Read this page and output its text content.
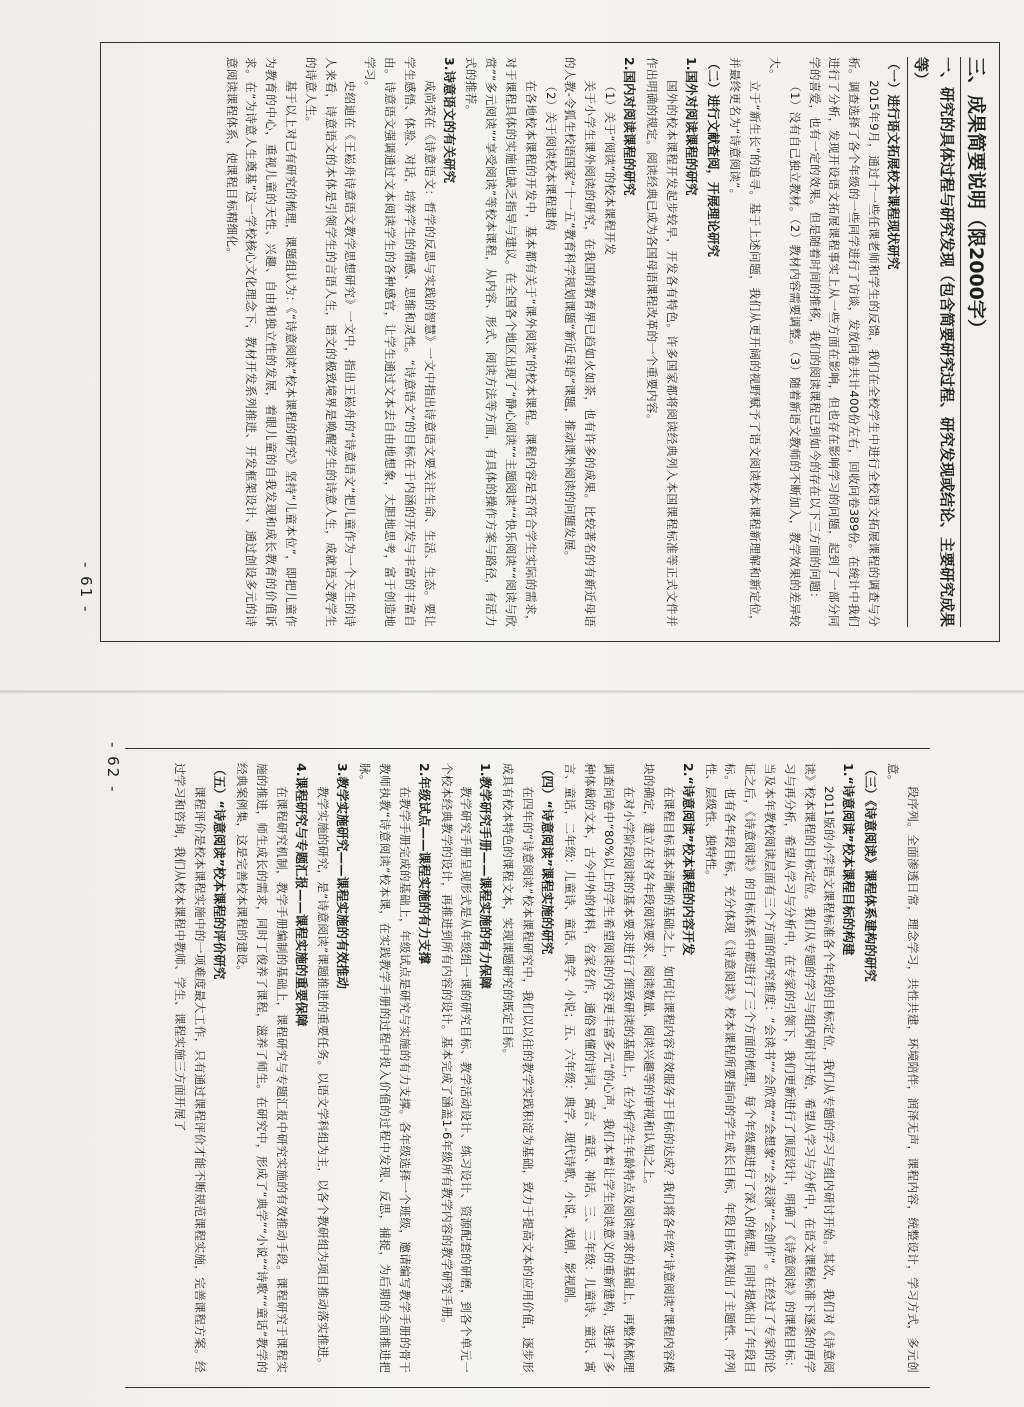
三、成果简要说明（限2000字）

一、研究的具体过程与研究发现（包含简要研究过程、研究发现或结论、主要研究成果等）

（一）进行语文拓展校本课程现状研究

2015年9月，通过十一些任课老师和学生的反馈，我们在全校学生中进行全校语文拓展课程的调查与分析。调查选择了各个年级的一些同学进行了访谈，发放问卷共计400份左右，回收问卷389份。在统计中我们进行了分析，发现开设语文拓展课程事实上从一些方面在影响，但也存在影响学习的问题，起到了一部分同学的喜爱，也有一定的效果。但是随着时间的推移，我们的阅读课程已到如今的存在以下三方面的问题：

（1）没有自己独立教材。（2）教材内容需要调整。（3）随着新语文教师的不断加入，教学效果的差异较大。

立于“新生长”的追寻。基于上述问题，我们从更开阔的视野赋予了语文阅读校本课程新理解和新定位，并最终更名为“诗意阅读”。

（二）进行文献查阅，开展理论研究

1.国外对阅读课程的研究

国外的校本课程开发起步较早，开发各有特色。许多国家都将阅读经典列入本国课程标准等正式文件并作出明确的规定。阅读经典已成为各国母语课程改革的一个重要内容。

2.国内对阅读课程的研究

（1）关于“阅读”的校本课程开发

关于小学生课外阅读的研究，在我国的教育界已趋如火如荼，也有许多的成果。比较著名的有新近母语的人教-令狐生校语国家“十一五”教育科学规划课题“新近母语”课题，推动课外阅读的问题发展。

（2）关于阅读校本课程建构

在各地校本课程的开发中，基本都有关于“课外阅读”的校本课程。课程内容是否符合学生实际的需求，对于课程具体的实施也缺乏指导与建议。在全国各个地区出现了“静心阅读”“主题阅读”“快乐阅读”“阅读与欣赏”“多元阅读”“享受阅读”等校本课程，从内容、形式、阅读方法等方面，有具体的操作方案与路径，有活力式的推荐。

3.诗意语文的有关研究

成尚荣在《诗意语文：哲学的反思与实践的智慧》一文中指出诗意语文要关注生命、生活、生态。要让学生感悟、体验、对话，培养学生的情感、思维和灵性。“诗意语文”的目标在于内涵的开发与丰富的丰富自由。诗意语文强调通过文本阅读学生的各种感官，让学生通过文本去自由地想象，大胆地思考，富于创造地学习。

史绍迪在《王崧舟诗意语文教学思想研究》一文中，指出王崧舟的“诗意语文”把儿童作为一个天生的诗人来看，诗意语文的本体是引领学生的言语人生，语文的极致境界是唤醒学生的诗意人生，成就语文教学生的诗意人生。

基于以上对已有研究的梳理，课题组认为：《“诗意阅读”校本课程的研究》坚持“儿童本位”，即把儿童作为教育的中心，重视儿童的天性、兴趣、自由和独立性的发展，着眼儿童的自我发现和成长教育的价值诉求。在“为诗意人生奠基”这一学校核心文化理念下，教材开发系列推进、开发框架设计、通过创设多元的诗意阅读课程体系，使课程目标精细化。

- 61 -

段序列。全面渗透日常，理念学习，共性共建，环境陪伴，润泽无声，课程内容，统整设计，学习方式，多元创意。

（三）《诗意阅读》课程体系建构的研究

1.“诗意阅读”校本课程目标的构建

2011版的小学语文课程标准各个年段的目标定位，我们从专题的学习与组内研讨开始。其次，我们对《诗意阅读》校本课程的目标定位。我们从专题的学习与组内研讨开始，希望从学习与分析中，在语文课程标准下逐条的再学习与再分析，希望从学习与分析中，在专家的引领下，我们更新进行了顶层设计，明确了《诗意阅读》的课程目标：当及本年教校阅读层面有三个方面的研究维度：“会读书”“会欣赏”“会想象”“会表演”“会创作”。在经过了专家的论证之后，《诗意阅读》的目标体系中都进行了三个方面的梳理，每个年级都进行了深入的梳理。同时提炼出了年段目标。也有各年段目标，充分体现《诗意阅读》校本课程所要指向的学生成长目标，年段目标体现出了主题性、序列性、层级性、独特性。

2.“诗意阅读”校本课程的内容开发

在课程目标基本清晰的基础之上，如何让课程内容有效服务于目标的达成？我们将各年级“诗意阅读”课程内容模块的确定，建立在对各年段阅读要求、阅读数量、阅读兴趣等的审视和认知之上。

在对小学阶段阅读的基本要求进行了细致研读的基础上，在分析学生年龄特点及阅读需求的基础上，再整体梳理调查问卷中“80%以上的学生希望阅读的内容更丰富多元”的心声，我们本着让学生阅读意义的重新建构，选择了多种体裁的文本，古今中外的材料，名家名作，通俗易懂的诗词、寓言、童话、神话、三、三年级：儿童诗、童话、寓言、童话，二年级：儿童诗、童话、典学、小说；五、六年级：典学，现代诗歌，小说，戏剧，影视剧。

（四）“诗意阅读”课程实施的研究

在四年的“诗意阅读”校本课程研究中，我们以以往的教学实践积淀为基础，致力于提高文本的应用价值，逐步形成具有校本特色的课程文本，实现课题研究的既定目标。

1.教学研究手册——课程实施的有力保障

教学研究手册呈现形式是从年级组一课的研究目标、教学活动设计、练习设计、资源配套的研磨，到各个单元一个校本经典教学的设计，再推进到所有内容的设计。基本完成了涵盖1-6年级所有教学内容的教学研究手册。

2.年级试点——课程实施的有力支撑

在教学手册完成的基础上，年级试点是研究与实施的有力支撑。各年级选择一个班级，邀请编写教学手册的骨干教师执教“诗意阅读”校本课，在实践教学手册的过程中投入价值的过程中发现、反思，捕捉，为后期的全面推进把脉。

3.教学实施研究——课程实施的有效推动

教学实施的研究，是“诗意阅读”课题推进的重要任务。以语文学科组为主，以各个教研组为项目推动落实推进。

4.课程研究与专题汇报——课程实施的重要保障

在课程研究机制，教学手册编制的基础上，课程研究与专题汇报中研究实施的有效推动手段。课程研究于课程实施的推进，师生成长的需求，同时丁俊养了课程，滋养了师生。在研究中，形成了“典学”“小说”“诗歌”“童话”教学的经典案例集，这是完善校本课程的建设。

（五）“诗意阅读”校本课程的评价研究

课程评价是校本课程实施中的一项难度最大工作，只有通过课程评价才能不断规范课程实施，完善课程方案。经过学习和咨询，我们从校本课程中教师、学生、课程实施三方面开展了

- 62 -
